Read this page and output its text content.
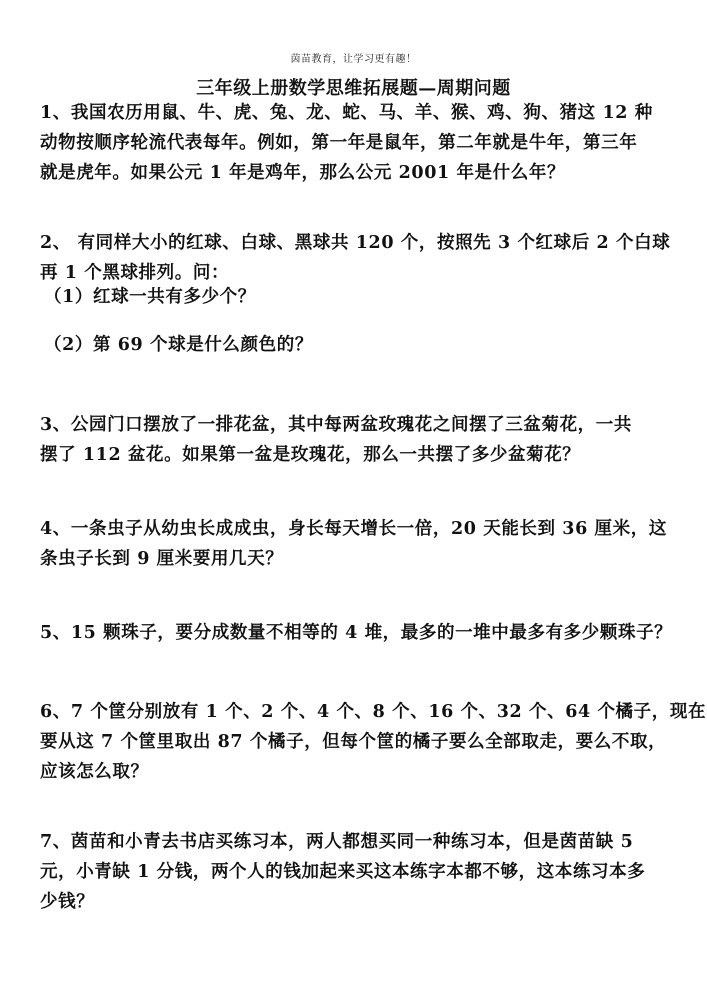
茵苗教育，让学习更有趣！
三年级上册数学思维拓展题—周期问题
1、我国农历用鼠、牛、虎、兔、龙、蛇、马、羊、猴、鸡、狗、猪这 12 种
动物按顺序轮流代表每年。例如，第一年是鼠年，第二年就是牛年，第三年
就是虎年。如果公元 1 年是鸡年，那么公元 2001 年是什么年？
2、 有同样大小的红球、白球、黑球共 120 个，按照先 3 个红球后 2 个白球
再 1 个黑球排列。问：
（1）红球一共有多少个？
（2）第 69 个球是什么颜色的？
3、公园门口摆放了一排花盆，其中每两盆玫瑰花之间摆了三盆菊花，一共
摆了 112 盆花。如果第一盆是玫瑰花，那么一共摆了多少盆菊花？
4、一条虫子从幼虫长成成虫，身长每天增长一倍，20 天能长到 36 厘米，这
条虫子长到 9 厘米要用几天？
5、15 颗珠子，要分成数量不相等的 4 堆，最多的一堆中最多有多少颗珠子？
6、7 个筐分别放有 1 个、2 个、4 个、8 个、16 个、32 个、64 个橘子，现在
要从这 7 个筐里取出 87 个橘子，但每个筐的橘子要么全部取走，要么不取，
应该怎么取？
7、茵苗和小青去书店买练习本，两人都想买同一种练习本，但是茵苗缺 5
元，小青缺 1 分钱，两个人的钱加起来买这本练字本都不够，这本练习本多
少钱？
